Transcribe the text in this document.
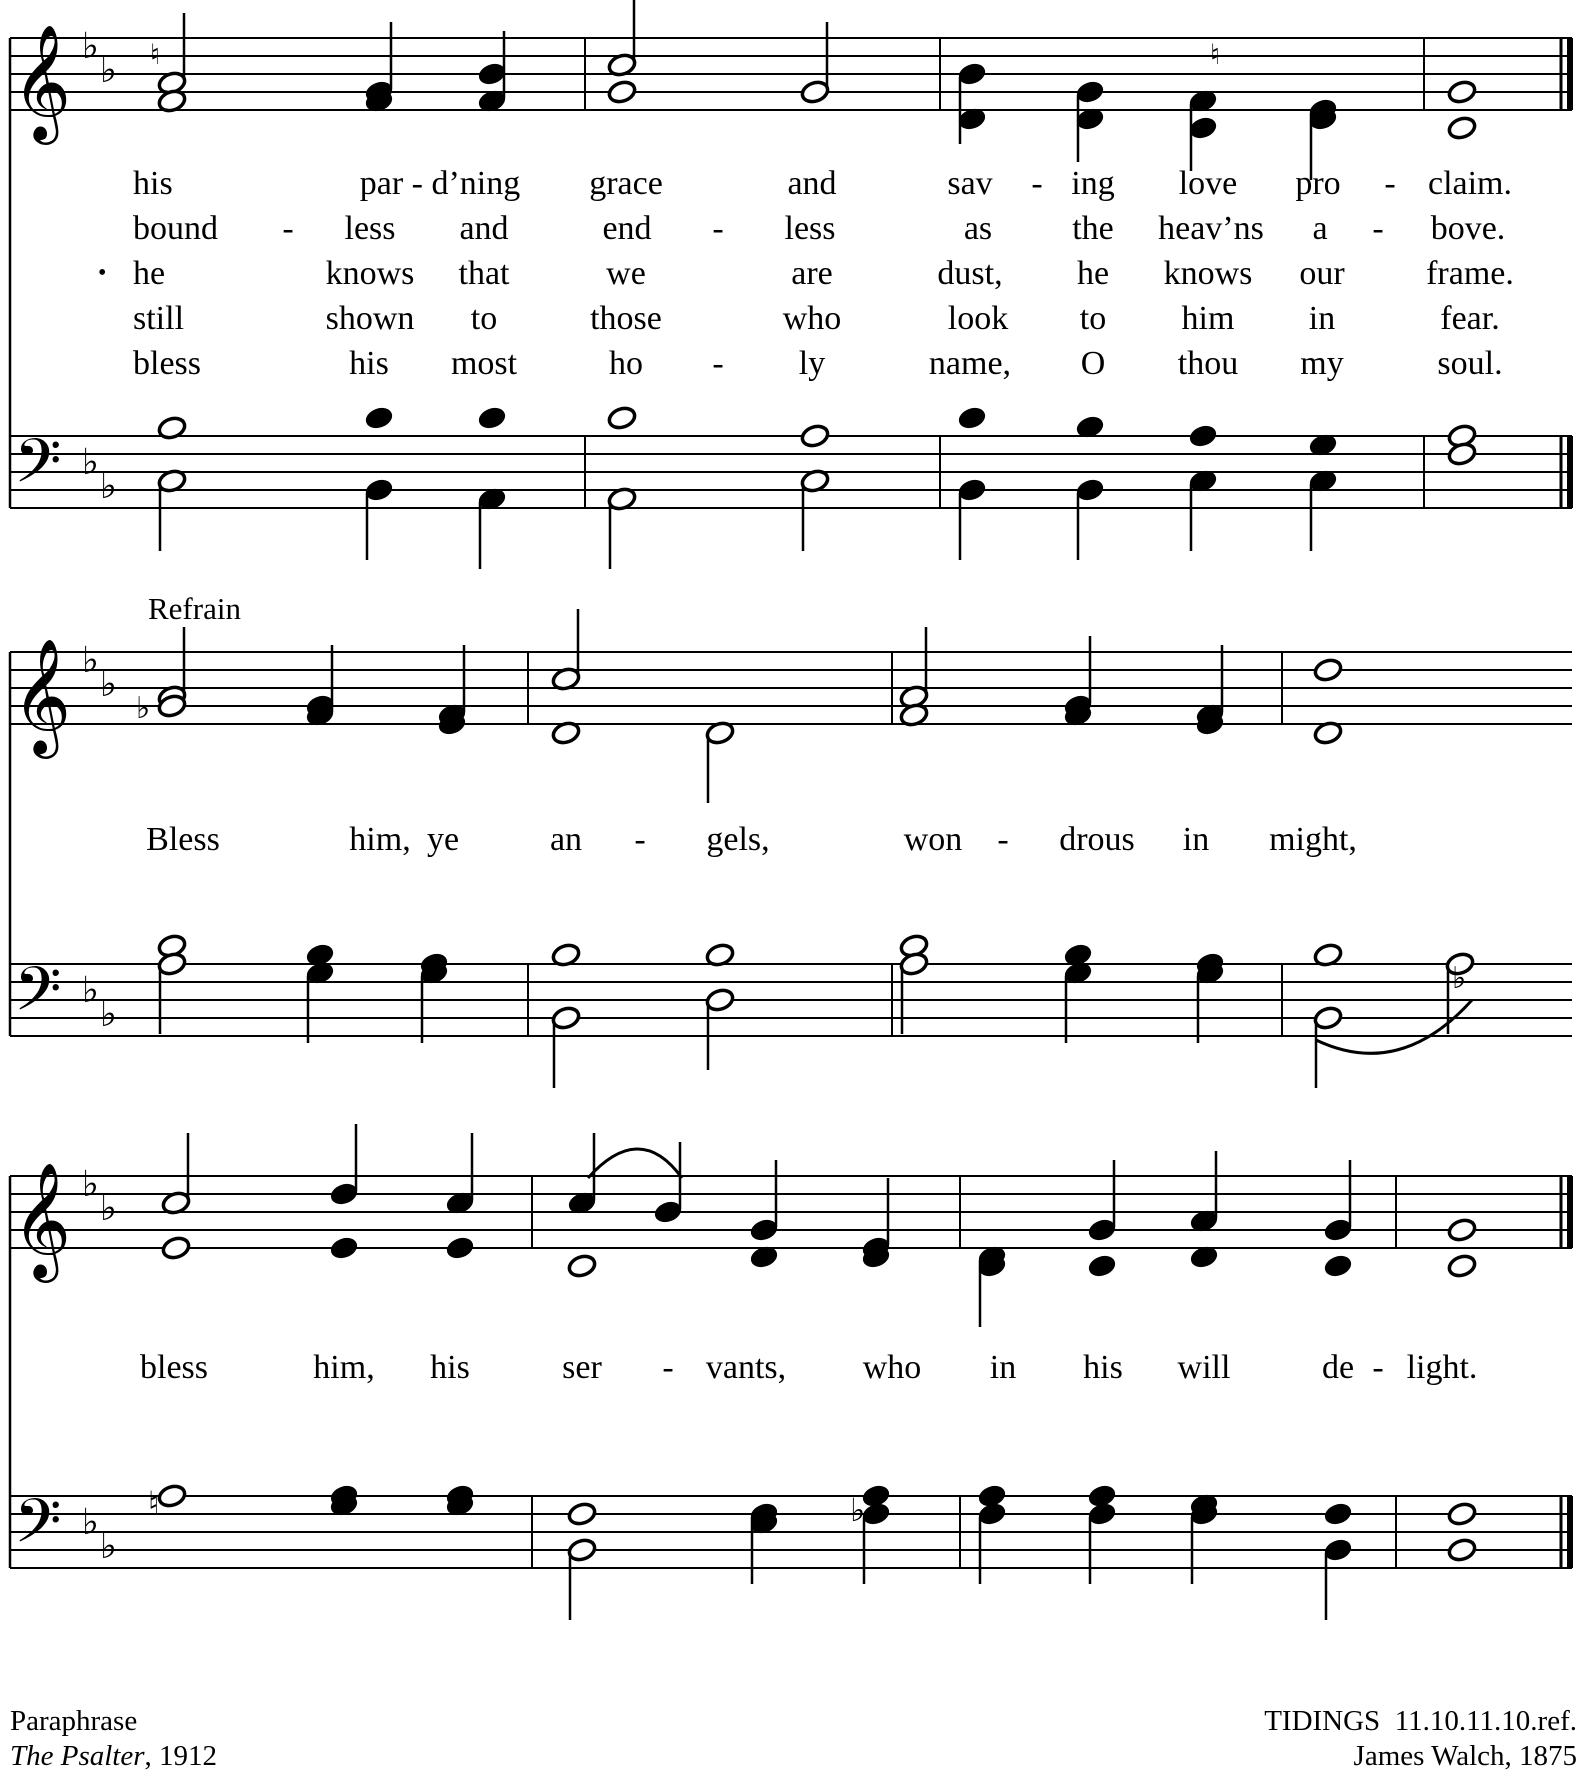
𝄞
𝄢
♭
♭
♭
♭
𝄞
𝄢
♭
♭
♭
♭
𝄞
𝄢
♭
♭
♭
♭
♮	♭
♮
♮
♭
♭
his	par - d’ning grace	and	sav - ing love pro - claim.
bound - less and	end - less	as the heav’ns a - bove.
he	knows that	we	are	dust, he knows our frame.
still	shown to	those	who	look to him in	fear.
bless	his most	ho - ly	name, O thou my	soul.
•
Bless	him, ye	an - gels,	won - drous in might,
bless	him, his	ser - vants, who in his will	de - light.
Refrain
Paraphrase
The Psalter, 1912
TIDINGS 11.10.11.10.ref.
James Walch, 1875
